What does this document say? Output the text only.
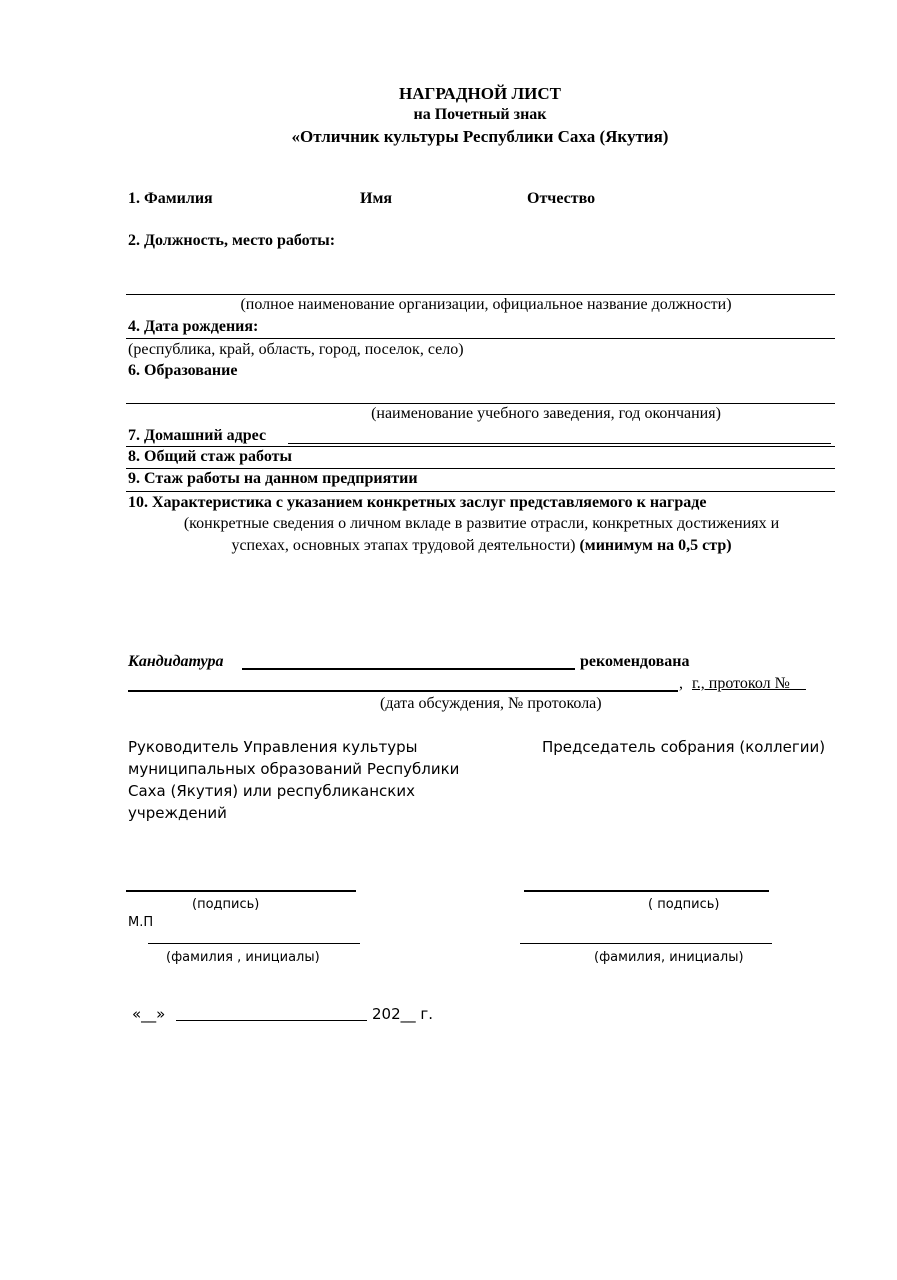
НАГРАДНОЙ ЛИСТ
на Почетный знак
«Отличник культуры Республики Саха (Якутия)
1. Фамилия	Имя	Отчество
2. Должность, место работы:
(полное наименование организации, официальное название должности)
4. Дата рождения:
(республика, край, область, город, поселок, село)
6. Образование
(наименование учебного заведения, год окончания)
7. Домашний адрес
8. Общий стаж работы
9. Стаж работы на данном предприятии
10. Характеристика с указанием конкретных заслуг представляемого к награде
(конкретные сведения о личном вкладе в развитие отрасли, конкретных достижениях и
успехах, основных этапах трудовой деятельности) (минимум на 0,5 стр)
Кандидатура	рекомендована
, г., протокол №__
(дата обсуждения, № протокола)
Руководитель Управления культуры муниципальных образований Республики Саха (Якутия) или республиканских учреждений
Председатель собрания (коллегии)
(подпись)	( подпись)
М.П
(фамилия , инициалы)	(фамилия, инициалы)
«__»	202__ г.
